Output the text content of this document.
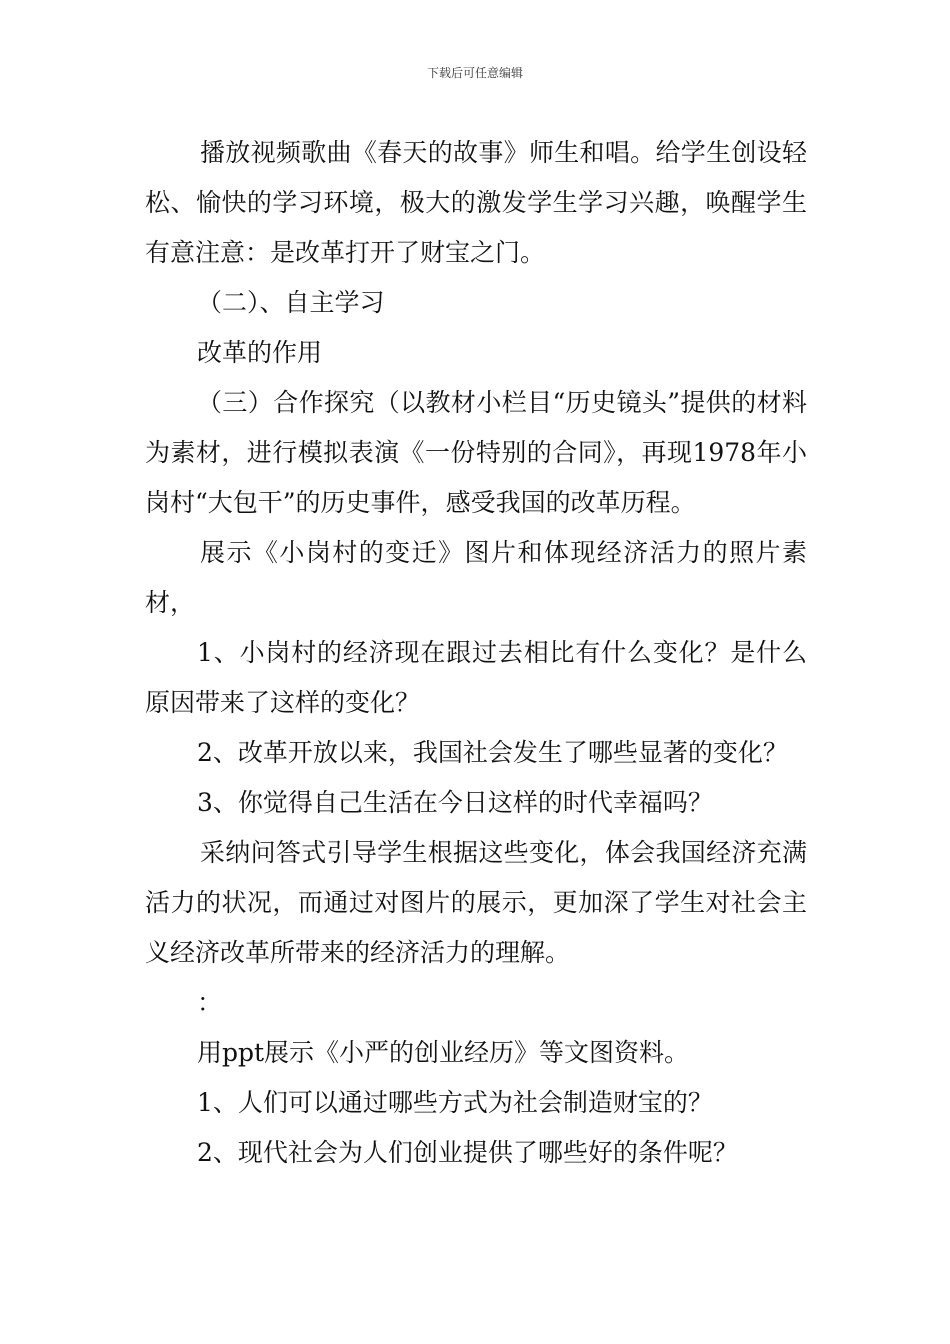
下载后可任意编辑

播放视频歌曲《春天的故事》师生和唱。给学生创设轻松、愉快的学习环境，极大的激发学生学习兴趣，唤醒学生有意注意：是改革打开了财宝之门。

（二）、自主学习

改革的作用

（三）合作探究（以教材小栏目“历史镜头”提供的材料为素材，进行模拟表演《一份特别的合同》，再现1978年小岗村“大包干”的历史事件，感受我国的改革历程。

展示《小岗村的变迁》图片和体现经济活力的照片素材，

1、小岗村的经济现在跟过去相比有什么变化？是什么原因带来了这样的变化？

2、改革开放以来，我国社会发生了哪些显著的变化？

3、你觉得自己生活在今日这样的时代幸福吗？

采纳问答式引导学生根据这些变化，体会我国经济充满活力的状况，而通过对图片的展示，更加深了学生对社会主义经济改革所带来的经济活力的理解。

：

用ppt展示《小严的创业经历》等文图资料。

1、人们可以通过哪些方式为社会制造财宝的？

2、现代社会为人们创业提供了哪些好的条件呢？
